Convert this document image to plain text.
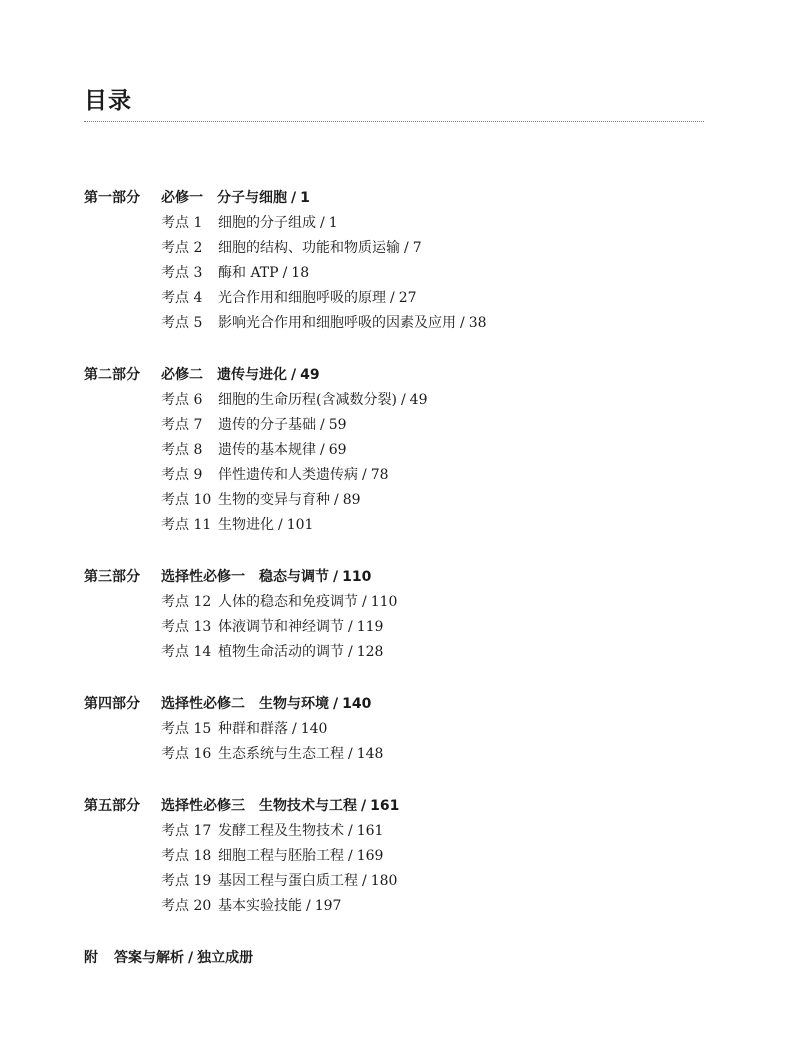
目录
第一部分 必修一 分子与细胞 / 1
考点 1 细胞的分子组成 / 1
考点 2 细胞的结构、功能和物质运输 / 7
考点 3 酶和 ATP / 18
考点 4 光合作用和细胞呼吸的原理 / 27
考点 5 影响光合作用和细胞呼吸的因素及应用 / 38
第二部分 必修二 遗传与进化 / 49
考点 6 细胞的生命历程(含减数分裂) / 49
考点 7 遗传的分子基础 / 59
考点 8 遗传的基本规律 / 69
考点 9 伴性遗传和人类遗传病 / 78
考点 10 生物的变异与育种 / 89
考点 11 生物进化 / 101
第三部分 选择性必修一 稳态与调节 / 110
考点 12 人体的稳态和免疫调节 / 110
考点 13 体液调节和神经调节 / 119
考点 14 植物生命活动的调节 / 128
第四部分 选择性必修二 生物与环境 / 140
考点 15 种群和群落 / 140
考点 16 生态系统与生态工程 / 148
第五部分 选择性必修三 生物技术与工程 / 161
考点 17 发酵工程及生物技术 / 161
考点 18 细胞工程与胚胎工程 / 169
考点 19 基因工程与蛋白质工程 / 180
考点 20 基本实验技能 / 197
附 答案与解析 / 独立成册
